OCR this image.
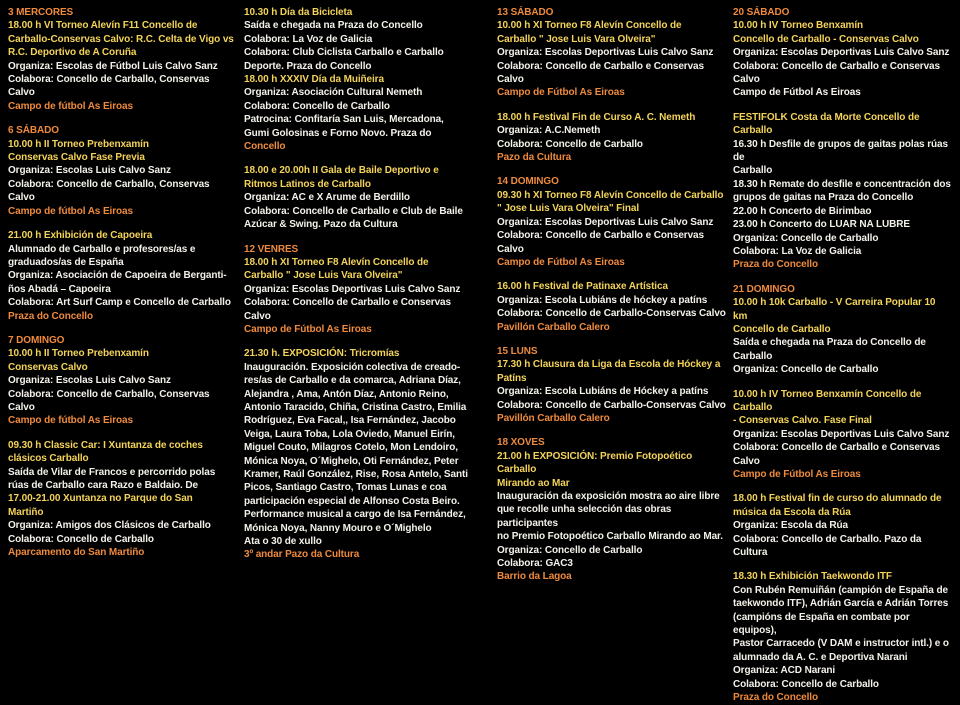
3 MERCORES
18.00 h VI Torneo Alevín F11 Concello de
Carballo-Conservas Calvo: R.C. Celta de Vigo vs
R.C. Deportivo de A Coruña
Organiza: Escolas de Fútbol Luis Calvo Sanz
Colabora: Concello de Carballo, Conservas
Calvo
Campo de fútbol As Eiroas
6 SÁBADO
10.00 h II Torneo Prebenxamín
Conservas Calvo Fase Previa
Organiza: Escolas Luis Calvo Sanz
Colabora: Concello de Carballo, Conservas
Calvo
Campo de fútbol As Eiroas
21.00 h Exhibición de Capoeira
Alumnado de Carballo e profesores/as e
graduados/as de España
Organiza: Asociación de Capoeira de Berganti-
ños Abadá – Capoeira
Colabora: Art Surf Camp e Concello de Carballo
Praza do Concello
7 DOMINGO
10.00 h II Torneo Prebenxamín
Conservas Calvo
Organiza: Escolas Luis Calvo Sanz
Colabora: Concello de Carballo, Conservas
Calvo
Campo de fútbol As Eiroas
09.30 h Classic Car: I Xuntanza de coches
clásicos Carballo
Saída de Vilar de Francos e percorrido polas
rúas de Carballo cara Razo e Baldaio. De
17.00-21.00 Xuntanza no Parque do San
Martiño
Organiza: Amigos dos Clásicos de Carballo
Colabora: Concello de Carballo
Aparcamento do San Martiño
10.30 h Día da Bicicleta
Saída e chegada na Praza do Concello
Colabora: La Voz de Galicia
Colabora: Club Ciclista Carballo e Carballo
Deporte. Praza do Concello
18.00 h XXXIV Día da Muiñeira
Organiza: Asociación Cultural Nemeth
Colabora: Concello de Carballo
Patrocina: Confitaría San Luis, Mercadona,
Gumi Golosinas e Forno Novo. Praza do
Concello
18.00 e 20.00h II Gala de Baile Deportivo e
Ritmos Latinos de Carballo
Organiza: AC e X Arume de Berdillo
Colabora: Concello de Carballo e Club de Baile
Azúcar & Swing. Pazo da Cultura
12 VENRES
18.00 h XI Torneo F8 Alevín Concello de
Carballo " Jose Luis Vara Olveira"
Organiza: Escolas Deportivas Luis Calvo Sanz
Colabora: Concello de Carballo e Conservas
Calvo
Campo de Fútbol As Eiroas
21.30 h. EXPOSICIÓN: Tricromías
Inauguración. Exposición colectiva de creado-
res/as de Carballo e da comarca, Adriana Díaz,
Alejandra , Ama, Antón Díaz, Antonio Reino,
Antonio Taracido, Chiña, Cristina Castro, Emilia
Rodríguez, Eva Facal,, Isa Fernández, Jacobo
Veiga, Laura Toba, Lola Oviedo, Manuel Eirín,
Miguel Couto, Milagros Cotelo, Mon Lendoiro,
Mónica Noya, O´Mighelo, Oti Fernández, Peter
Kramer, Raúl González, Rise, Rosa Antelo, Santi
Picos, Santiago Castro, Tomas Lunas e coa
participación especial de Alfonso Costa Beiro.
Performance musical a cargo de Isa Fernández,
Mónica Noya, Nanny Mouro e O´Mighelo
Ata o 30 de xullo
3º andar Pazo da Cultura
13 SÁBADO
10.00 h XI Torneo F8 Alevín Concello de
Carballo " Jose Luis Vara Olveira"
Organiza: Escolas Deportivas Luis Calvo Sanz
Colabora: Concello de Carballo e Conservas
Calvo
Campo de Fútbol As Eiroas
18.00 h Festival Fin de Curso A. C. Nemeth
Organiza: A.C.Nemeth
Colabora: Concello de Carballo
Pazo da Cultura
14 DOMINGO
09.30 h XI Torneo F8 Alevín Concello de Carballo
" Jose Luis Vara Olveira" Final
Organiza: Escolas Deportivas Luis Calvo Sanz
Colabora: Concello de Carballo e Conservas Calvo
Campo de Fútbol As Eiroas
16.00 h Festival de Patinaxe Artística
Organiza: Escola Lubiáns de hóckey a patíns
Colabora: Concello de Carballo-Conservas Calvo
Pavillón Carballo Calero
15 LUNS
17.30 h Clausura da Liga da Escola de Hóckey a
Patíns
Organiza: Escola Lubiáns de Hóckey a patíns
Colabora: Concello de Carballo-Conservas Calvo
Pavillón Carballo Calero
18 XOVES
21.00 h EXPOSICIÓN: Premio Fotopoético Carballo
Mirando ao Mar
Inauguración da exposición mostra ao aire libre
que recolle unha selección das obras participantes
no Premio Fotopoético Carballo Mirando ao Mar.
Organiza: Concello de Carballo
Colabora: GAC3
Barrio da Lagoa
20 SÁBADO
10.00 h IV Torneo Benxamín
Concello de Carballo - Conservas Calvo
Organiza: Escolas Deportivas Luis Calvo Sanz
Colabora: Concello de Carballo e Conservas Calvo
Campo de Fútbol As Eiroas
FESTIFOLK Costa da Morte Concello de Carballo
16.30 h Desfile de grupos de gaitas polas rúas de
Carballo
18.30 h Remate do desfile e concentración dos
grupos de gaitas na Praza do Concello
22.00 h Concerto de Birimbao
23.00 h Concerto do LUAR NA LUBRE
Organiza: Concello de Carballo
Colabora: La Voz de Galicia
Praza do Concello
21 DOMINGO
10.00 h 10k Carballo - V Carreira Popular 10 km
Concello de Carballo
Saída e chegada na Praza do Concello de
Carballo
Organiza: Concello de Carballo
10.00 h IV Torneo Benxamín Concello de Carballo
- Conservas Calvo. Fase Final
Organiza: Escolas Deportivas Luis Calvo Sanz
Colabora: Concello de Carballo e Conservas Calvo
Campo de Fútbol As Eiroas
18.00 h Festival fin de curso do alumnado de
música da Escola da Rúa
Organiza: Escola da Rúa
Colabora: Concello de Carballo. Pazo da Cultura
18.30 h Exhibición Taekwondo ITF
Con Rubén Remuiñán (campión de España de
taekwondo ITF), Adrián García e Adrián Torres
(campións de España en combate por equipos),
Pastor Carracedo (V DAM e instructor intl.) e o
alumnado da A. C. e Deportiva Narani
Organiza: ACD Narani
Colabora: Concello de Carballo
Praza do Concello
